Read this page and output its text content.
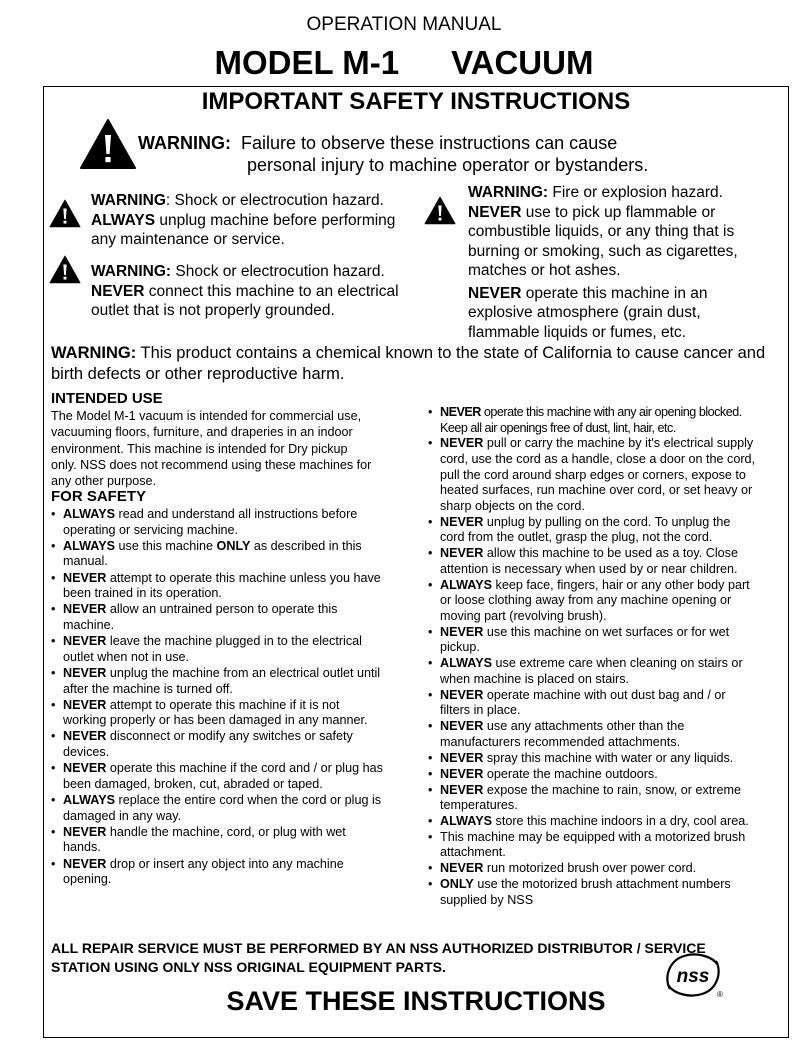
OPERATION MANUAL
MODEL M-1 VACUUM
IMPORTANT SAFETY INSTRUCTIONS
WARNING: Failure to observe these instructions can cause
personal injury to machine operator or bystanders.
WARNING: Shock or electrocution hazard.
ALWAYS unplug machine before performing any maintenance or service.
WARNING: Shock or electrocution hazard.
NEVER connect this machine to an electrical outlet that is not properly grounded.
WARNING: Fire or explosion hazard.
NEVER use to pick up flammable or combustible liquids, or any thing that is burning or smoking, such as cigarettes, matches or hot ashes.
NEVER operate this machine in an explosive atmosphere (grain dust, flammable liquids or fumes, etc.
WARNING: This product contains a chemical known to the state of California to cause cancer and birth defects or other reproductive harm.
INTENDED USE
The Model M-1 vacuum is intended for commercial use, vacuuming floors, furniture, and draperies in an indoor environment. This machine is intended for Dry pickup only. NSS does not recommend using these machines for any other purpose.
FOR SAFETY
• ALWAYS read and understand all instructions before operating or servicing machine.
• ALWAYS use this machine ONLY as described in this manual.
• NEVER attempt to operate this machine unless you have been trained in its operation.
• NEVER allow an untrained person to operate this machine.
• NEVER leave the machine plugged in to the electrical outlet when not in use.
• NEVER unplug the machine from an electrical outlet until after the machine is turned off.
• NEVER attempt to operate this machine if it is not working properly or has been damaged in any manner.
• NEVER disconnect or modify any switches or safety devices.
• NEVER operate this machine if the cord and / or plug has been damaged, broken, cut, abraded or taped.
• ALWAYS replace the entire cord when the cord or plug is damaged in any way.
• NEVER handle the machine, cord, or plug with wet hands.
• NEVER drop or insert any object into any machine opening.
• NEVER operate this machine with any air opening blocked. Keep all air openings free of dust, lint, hair, etc.
• NEVER pull or carry the machine by it's electrical supply cord, use the cord as a handle, close a door on the cord, pull the cord around sharp edges or corners, expose to heated surfaces, run machine over cord, or set heavy or sharp objects on the cord.
• NEVER unplug by pulling on the cord. To unplug the cord from the outlet, grasp the plug, not the cord.
• NEVER allow this machine to be used as a toy. Close attention is necessary when used by or near children.
• ALWAYS keep face, fingers, hair or any other body part or loose clothing away from any machine opening or moving part (revolving brush).
• NEVER use this machine on wet surfaces or for wet pickup.
• ALWAYS use extreme care when cleaning on stairs or when machine is placed on stairs.
• NEVER operate machine with out dust bag and / or filters in place.
• NEVER use any attachments other than the manufacturers recommended attachments.
• NEVER spray this machine with water or any liquids.
• NEVER operate the machine outdoors.
• NEVER expose the machine to rain, snow, or extreme temperatures.
• ALWAYS store this machine indoors in a dry, cool area.
• This machine may be equipped with a motorized brush attachment.
• NEVER run motorized brush over power cord.
• ONLY use the motorized brush attachment numbers supplied by NSS
ALL REPAIR SERVICE MUST BE PERFORMED BY AN NSS AUTHORIZED DISTRIBUTOR / SERVICE STATION USING ONLY NSS ORIGINAL EQUIPMENT PARTS.	nss
®
SAVE THESE INSTRUCTIONS
